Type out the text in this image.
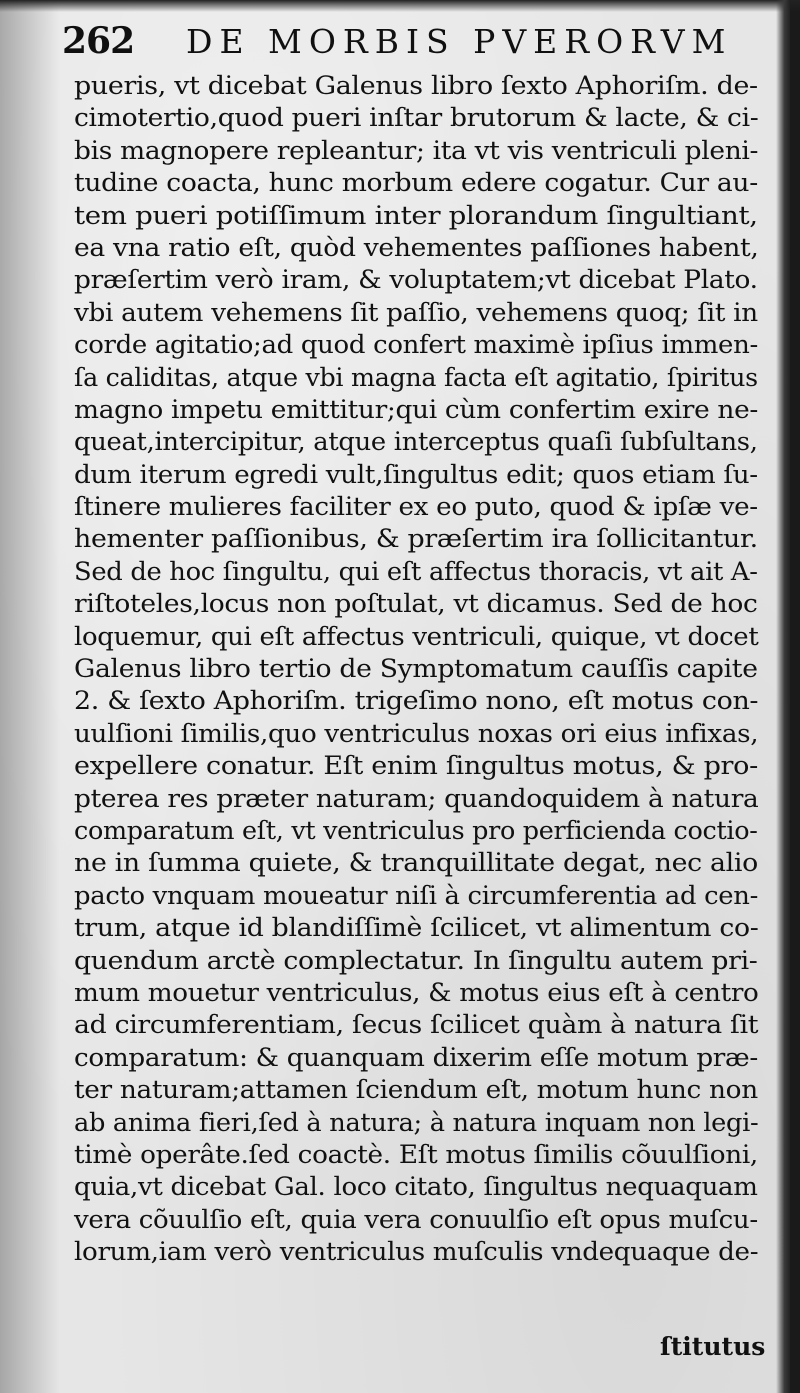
262 DE MORBIS PVERORVM
pueris, vt dicebat Galenus libro ſexto Aphoriſm. de-
cimotertio,quod pueri inſtar brutorum & lacte, & ci-
bis magnopere repleantur; ita vt vis ventriculi pleni-
tudine coacta, hunc morbum edere cogatur. Cur au-
tem pueri potiſſimum inter plorandum ſingultiant,
ea vna ratio eſt, quòd vehementes paſſiones habent,
præſertim verò iram, & voluptatem;vt dicebat Plato.
vbi autem vehemens ſit paſſio, vehemens quoq; ſit in
corde agitatio;ad quod confert maximè ipſius immen-
ſa caliditas, atque vbi magna facta eſt agitatio, ſpiritus
magno impetu emittitur;qui cùm confertim exire ne-
queat,intercipitur, atque interceptus quaſi ſubſultans,
dum iterum egredi vult,ſingultus edit; quos etiam ſu-
ſtinere mulieres faciliter ex eo puto, quod & ipſæ ve-
hementer paſſionibus, & præſertim ira ſollicitantur.
Sed de hoc ſingultu, qui eſt affectus thoracis, vt ait A-
riſtoteles,locus non poſtulat, vt dicamus. Sed de hoc
loquemur, qui eſt affectus ventriculi, quique, vt docet
Galenus libro tertio de Symptomatum cauſſis capite
2. & ſexto Aphoriſm. trigeſimo nono, eſt motus con-
uulſioni ſimilis,quo ventriculus noxas ori eius infixas,
expellere conatur. Eſt enim ſingultus motus, & pro-
pterea res præter naturam; quandoquidem à natura
comparatum eſt, vt ventriculus pro perficienda coctio-
ne in ſumma quiete, & tranquillitate degat, nec alio
pacto vnquam moueatur niſi à circumferentia ad cen-
trum, atque id blandiſſimè ſcilicet, vt alimentum co-
quendum arctè complectatur. In ſingultu autem pri-
mum mouetur ventriculus, & motus eius eſt à centro
ad circumferentiam, ſecus ſcilicet quàm à natura ſit
comparatum: & quanquam dixerim eſſe motum præ-
ter naturam;attamen ſciendum eſt, motum hunc non
ab anima fieri,ſed à natura; à natura inquam non legi-
timè operâte.ſed coactè. Eſt motus ſimilis cõuulſioni,
quia,vt dicebat Gal. loco citato, ſingultus nequaquam
vera cõuulſio eſt, quia vera conuulſio eſt opus muſcu-
lorum,iam verò ventriculus muſculis vndequaque de-
ſtitutus
